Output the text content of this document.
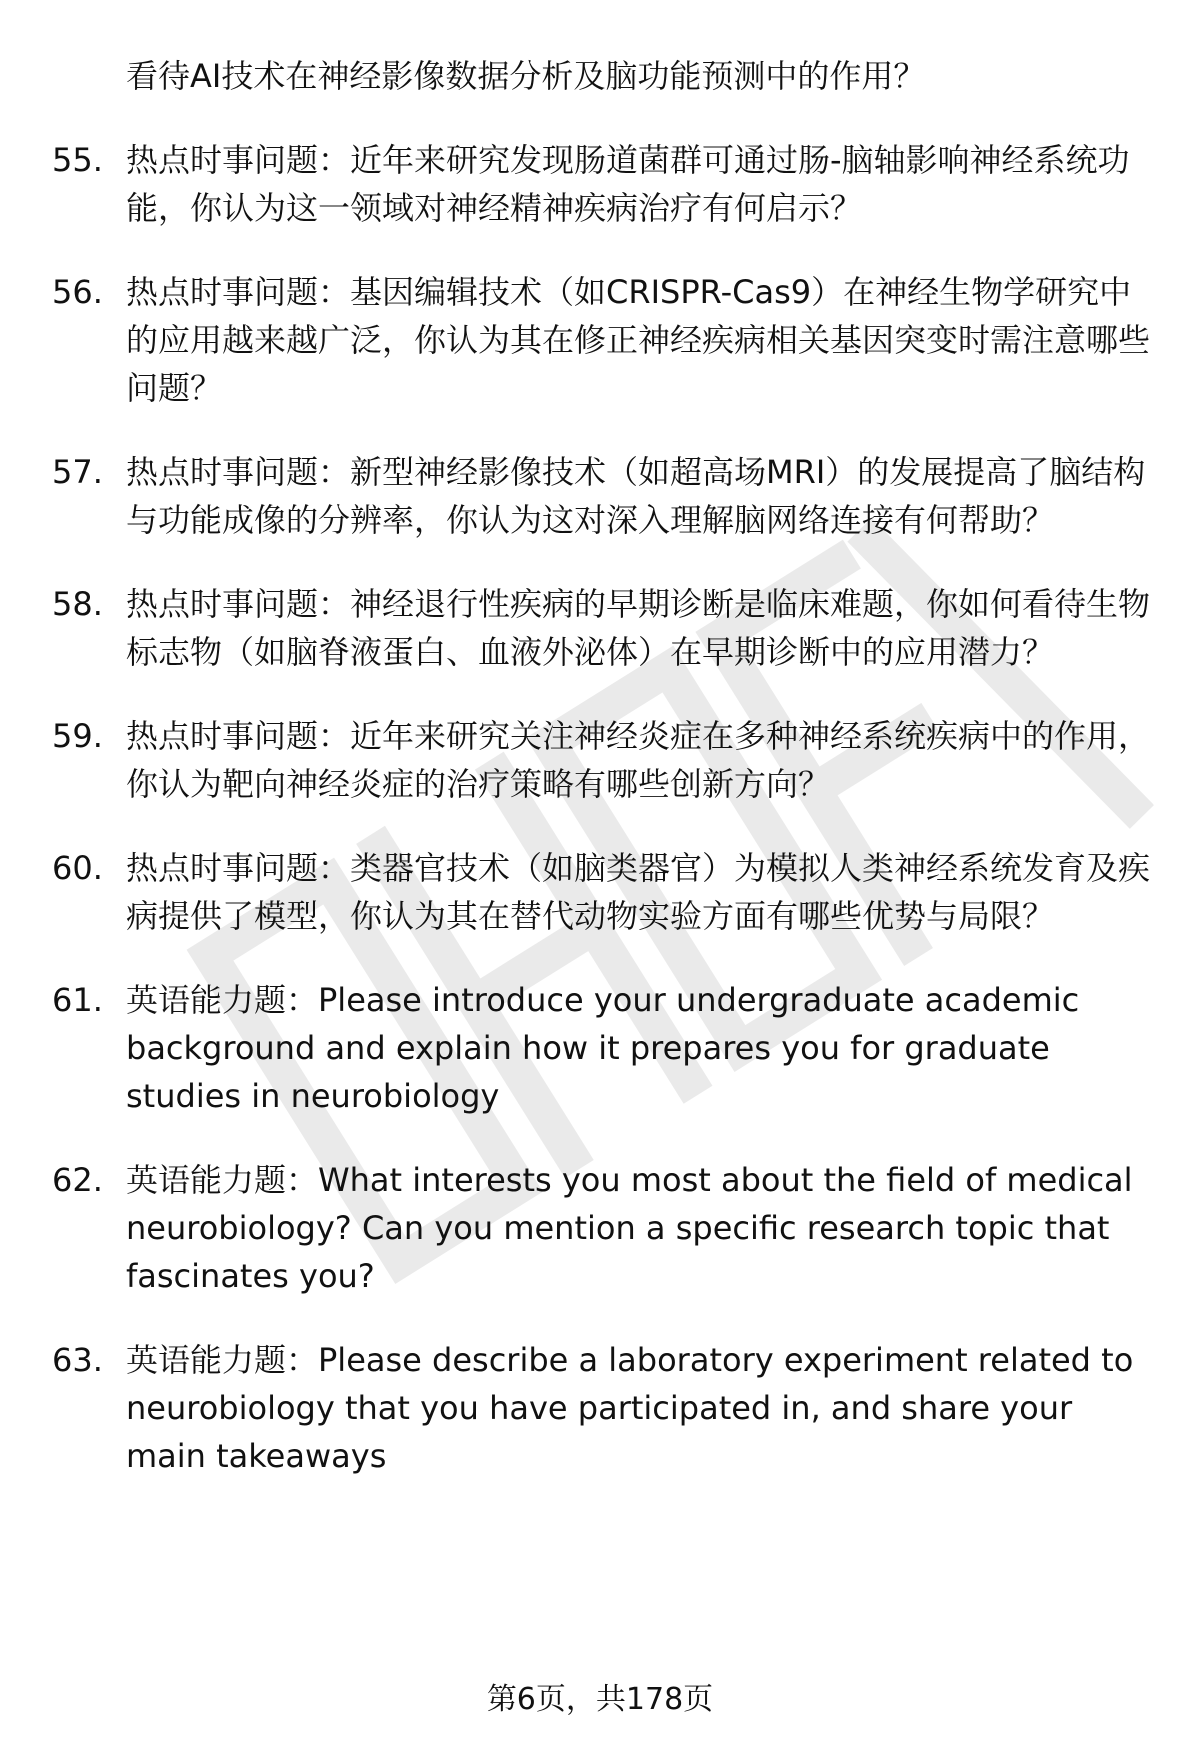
看待AI技术在神经影像数据分析及脑功能预测中的作用？
55. 热点时事问题：近年来研究发现肠道菌群可通过肠-脑轴影响神经系统功能，你认为这一领域对神经精神疾病治疗有何启示？
56. 热点时事问题：基因编辑技术（如CRISPR-Cas9）在神经生物学研究中的应用越来越广泛，你认为其在修正神经疾病相关基因突变时需注意哪些问题？
57. 热点时事问题：新型神经影像技术（如超高场MRI）的发展提高了脑结构与功能成像的分辨率，你认为这对深入理解脑网络连接有何帮助？
58. 热点时事问题：神经退行性疾病的早期诊断是临床难题，你如何看待生物标志物（如脑脊液蛋白、血液外泌体）在早期诊断中的应用潜力？
59. 热点时事问题：近年来研究关注神经炎症在多种神经系统疾病中的作用，你认为靶向神经炎症的治疗策略有哪些创新方向？
60. 热点时事问题：类器官技术（如脑类器官）为模拟人类神经系统发育及疾病提供了模型，你认为其在替代动物实验方面有哪些优势与局限？
61. 英语能力题：Please introduce your undergraduate academic background and explain how it prepares you for graduate studies in neurobiology
62. 英语能力题：What interests you most about the field of medical neurobiology? Can you mention a specific research topic that fascinates you?
63. 英语能力题：Please describe a laboratory experiment related to neurobiology that you have participated in, and share your main takeaways
第6页，共178页
